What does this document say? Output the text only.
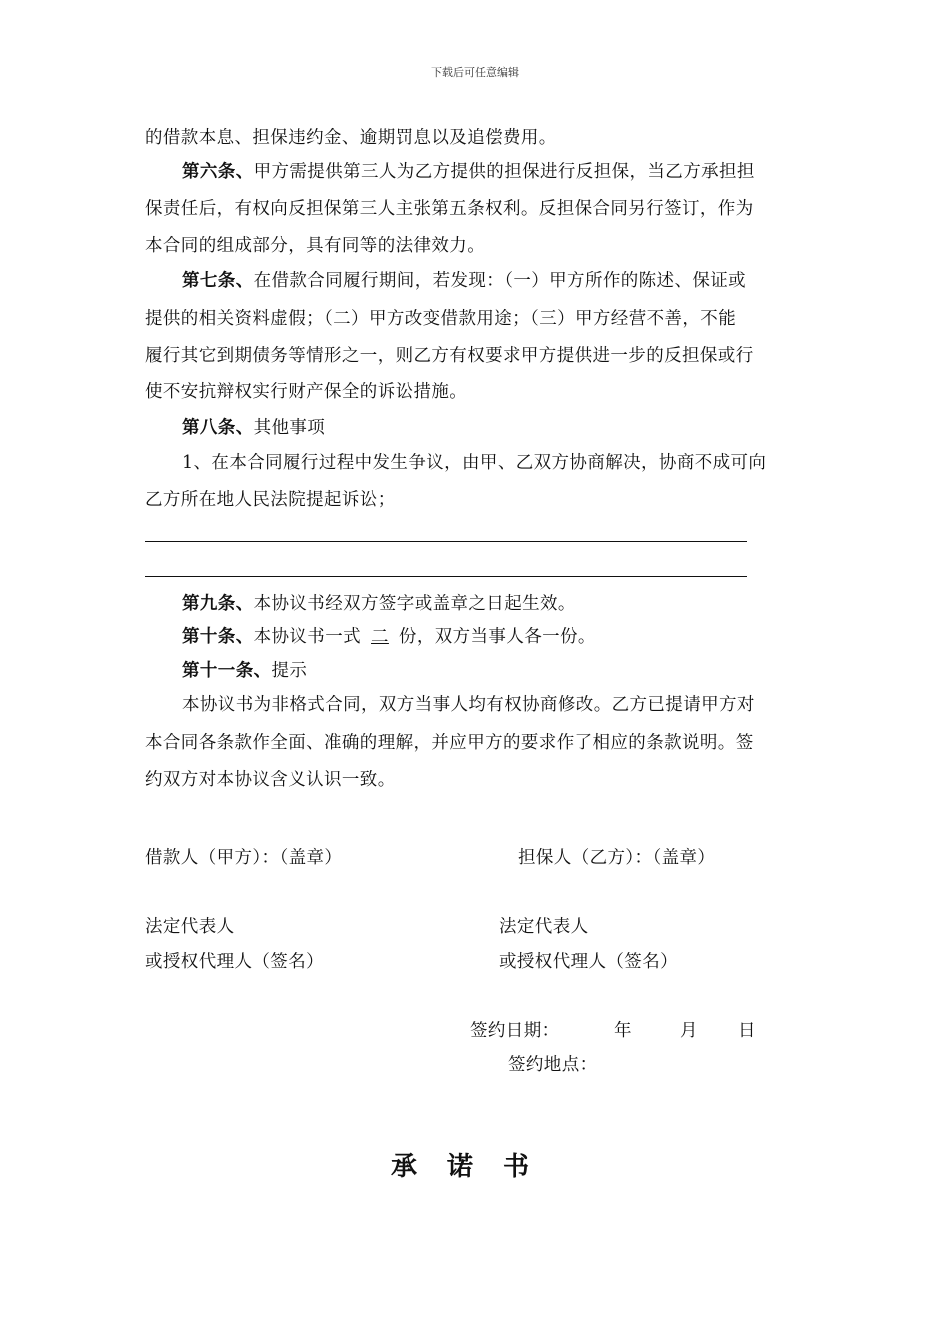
下载后可任意编辑
的借款本息、担保违约金、逾期罚息以及追偿费用。
第六条、甲方需提供第三人为乙方提供的担保进行反担保，当乙方承担担
保责任后，有权向反担保第三人主张第五条权利。反担保合同另行签订，作为
本合同的组成部分，具有同等的法律效力。
第七条、在借款合同履行期间，若发现：（一）甲方所作的陈述、保证或
提供的相关资料虚假；（二）甲方改变借款用途；（三）甲方经营不善，不能
履行其它到期债务等情形之一，则乙方有权要求甲方提供进一步的反担保或行
使不安抗辩权实行财产保全的诉讼措施。
第八条、其他事项
1、在本合同履行过程中发生争议，由甲、乙双方协商解决，协商不成可向
乙方所在地人民法院提起诉讼；
第九条、本协议书经双方签字或盖章之日起生效。
第十条、本协议书一式 二 份，双方当事人各一份。
第十一条、提示
本协议书为非格式合同，双方当事人均有权协商修改。乙方已提请甲方对
本合同各条款作全面、准确的理解，并应甲方的要求作了相应的条款说明。签
约双方对本协议含义认识一致。
借款人（甲方）：（盖章）	担保人（乙方）：（盖章）
法定代表人	法定代表人
或授权代理人（签名）	或授权代理人（签名）
签约日期：	年	月 日
签约地点：
承诺书
